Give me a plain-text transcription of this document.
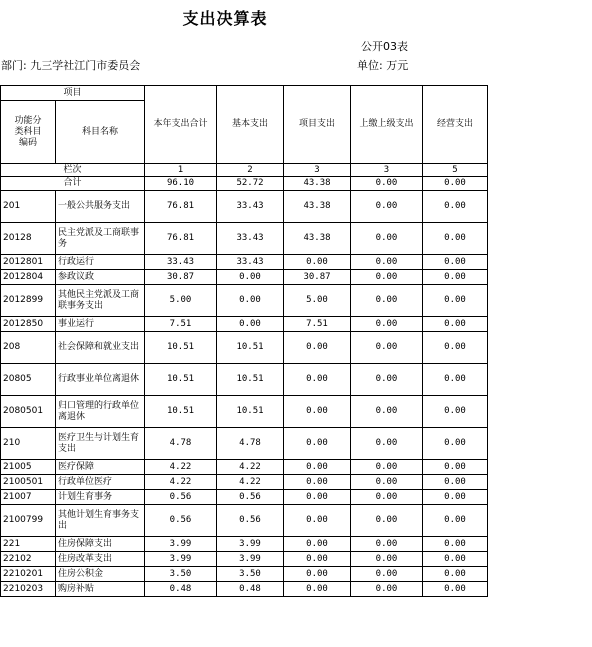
支出决算表
公开03表
部门: 九三学社江门市委员会	单位: 万元
项目		本年支出合计	基本支出	项目支出	上缴上级支出	经营支出
功能分类科目编码	科目名称					
栏次		1	2	3	3	5
合计		96.10	52.72	43.38	0.00	0.00
201	一般公共服务支出	76.81	33.43	43.38	0.00	0.00
20128	民主党派及工商联事务	76.81	33.43	43.38	0.00	0.00
2012801	行政运行	33.43	33.43	0.00	0.00	0.00
2012804	参政议政	30.87	0.00	30.87	0.00	0.00
2012899	其他民主党派及工商联事务支出	5.00	0.00	5.00	0.00	0.00
2012850	事业运行	7.51	0.00	7.51	0.00	0.00
208	社会保障和就业支出	10.51	10.51	0.00	0.00	0.00
20805	行政事业单位离退休	10.51	10.51	0.00	0.00	0.00
2080501	归口管理的行政单位离退休	10.51	10.51	0.00	0.00	0.00
210	医疗卫生与计划生育支出	4.78	4.78	0.00	0.00	0.00
21005	医疗保障	4.22	4.22	0.00	0.00	0.00
2100501	行政单位医疗	4.22	4.22	0.00	0.00	0.00
21007	计划生育事务	0.56	0.56	0.00	0.00	0.00
2100799	其他计划生育事务支出	0.56	0.56	0.00	0.00	0.00
221	住房保障支出	3.99	3.99	0.00	0.00	0.00
22102	住房改革支出	3.99	3.99	0.00	0.00	0.00
2210201	住房公积金	3.50	3.50	0.00	0.00	0.00
2210203	购房补贴	0.48	0.48	0.00	0.00	0.00
